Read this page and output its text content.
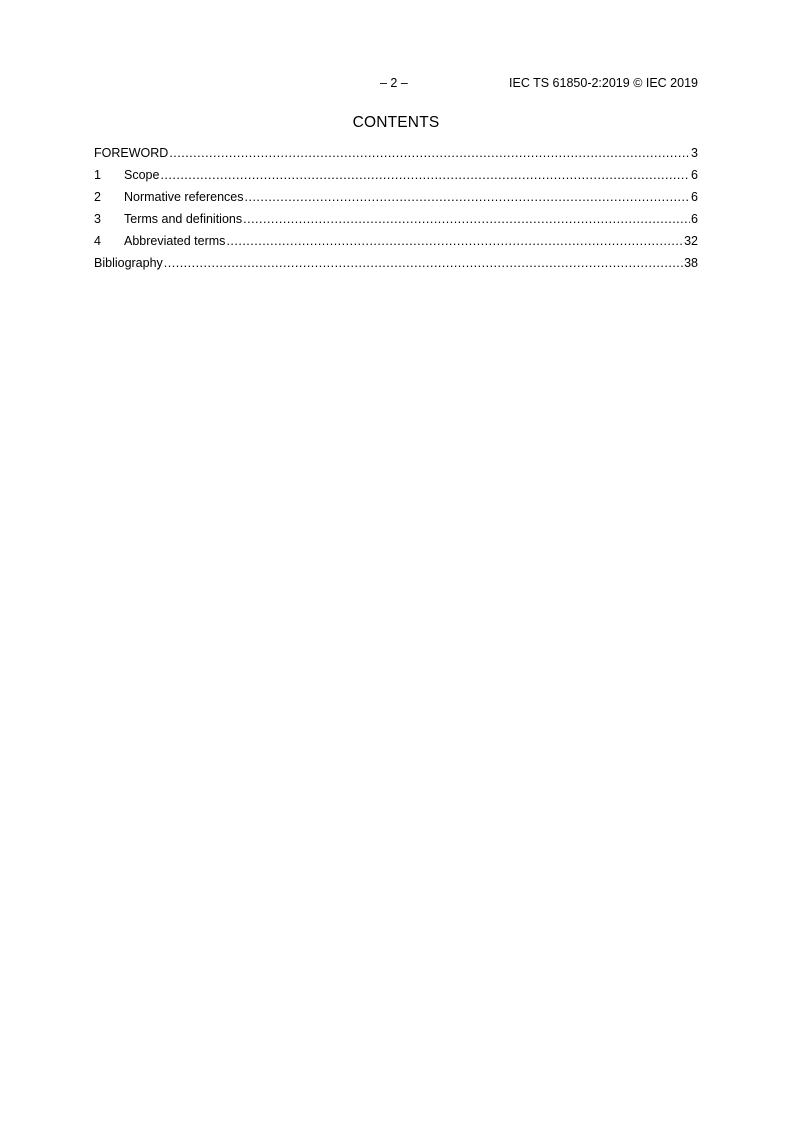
– 2 –	IEC TS 61850-2:2019 © IEC 2019
CONTENTS
FOREWORD .....	3
1	Scope .....	6
2	Normative references .....	6
3	Terms and definitions .....	6
4	Abbreviated terms .....	32
Bibliography .....	38
